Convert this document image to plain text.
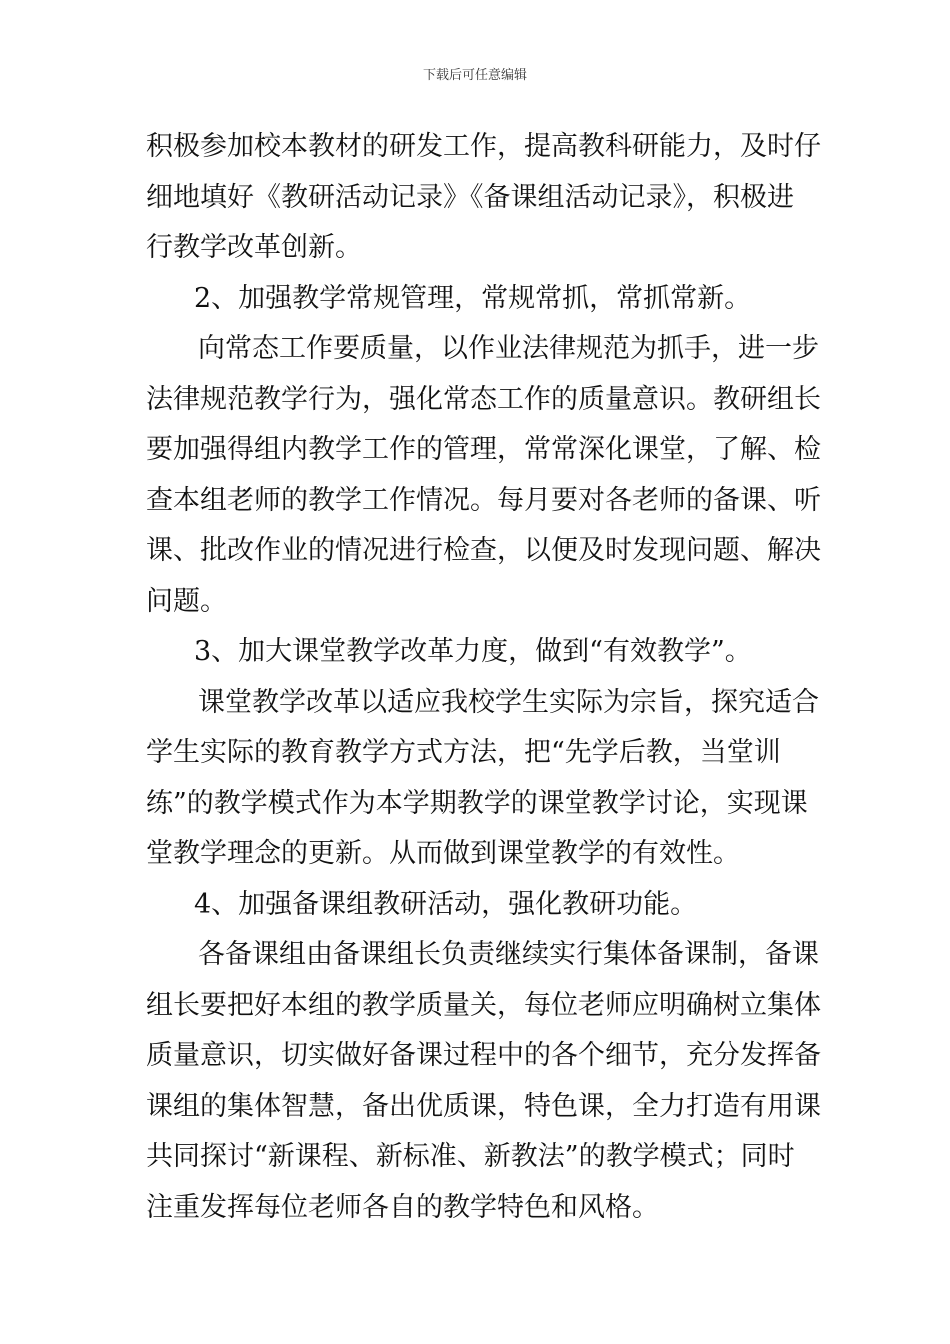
下载后可任意编辑
积极参加校本教材的研发工作，提高教科研能力，及时仔
细地填好《教研活动记录》《备课组活动记录》，积极进
行教学改革创新。
2、加强教学常规管理，常规常抓，常抓常新。
向常态工作要质量，以作业法律规范为抓手，进一步
法律规范教学行为，强化常态工作的质量意识。教研组长
要加强得组内教学工作的管理，常常深化课堂，了解、检
查本组老师的教学工作情况。每月要对各老师的备课、听
课、批改作业的情况进行检查，以便及时发现问题、解决
问题。
3、加大课堂教学改革力度，做到“有效教学”。
课堂教学改革以适应我校学生实际为宗旨，探究适合
学生实际的教育教学方式方法，把“先学后教，当堂训
练”的教学模式作为本学期教学的课堂教学讨论，实现课
堂教学理念的更新。从而做到课堂教学的有效性。
4、加强备课组教研活动，强化教研功能。
各备课组由备课组长负责继续实行集体备课制，备课
组长要把好本组的教学质量关，每位老师应明确树立集体
质量意识，切实做好备课过程中的各个细节，充分发挥备
课组的集体智慧，备出优质课，特色课，全力打造有用课
共同探讨“新课程、新标准、新教法”的教学模式；同时
注重发挥每位老师各自的教学特色和风格。
